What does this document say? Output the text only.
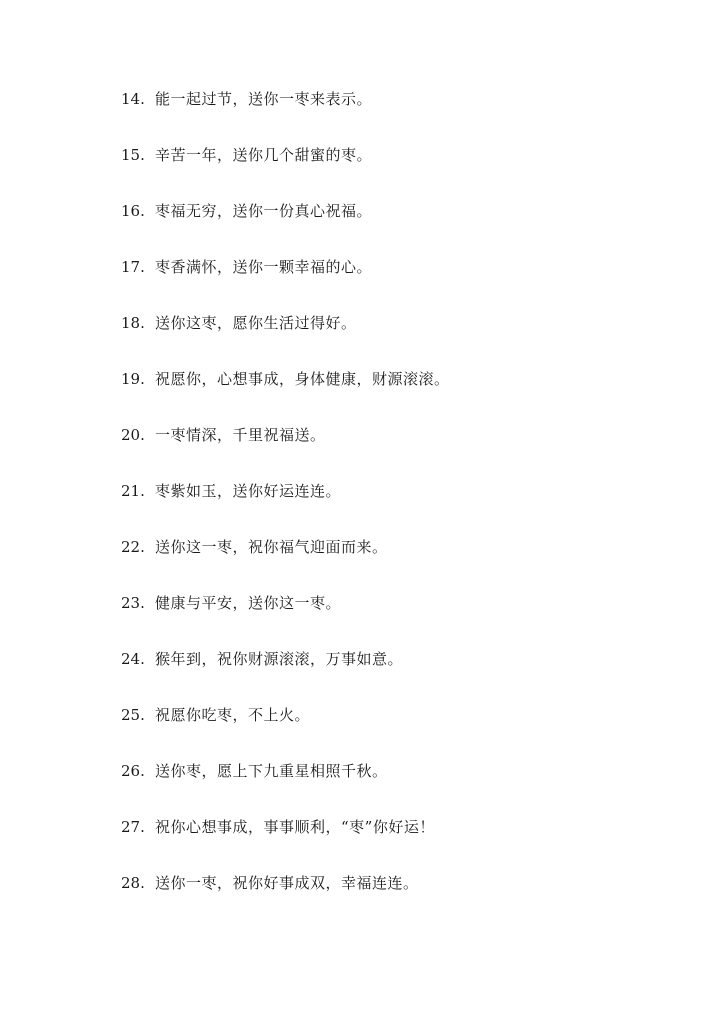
14. 能一起过节，送你一枣来表示。
15. 辛苦一年，送你几个甜蜜的枣。
16. 枣福无穷，送你一份真心祝福。
17. 枣香满怀，送你一颗幸福的心。
18. 送你这枣，愿你生活过得好。
19. 祝愿你，心想事成，身体健康，财源滚滚。
20. 一枣情深，千里祝福送。
21. 枣紫如玉，送你好运连连。
22. 送你这一枣，祝你福气迎面而来。
23. 健康与平安，送你这一枣。
24. 猴年到，祝你财源滚滚，万事如意。
25. 祝愿你吃枣，不上火。
26. 送你枣，愿上下九重星相照千秋。
27. 祝你心想事成，事事顺利，“枣”你好运！
28. 送你一枣，祝你好事成双，幸福连连。
